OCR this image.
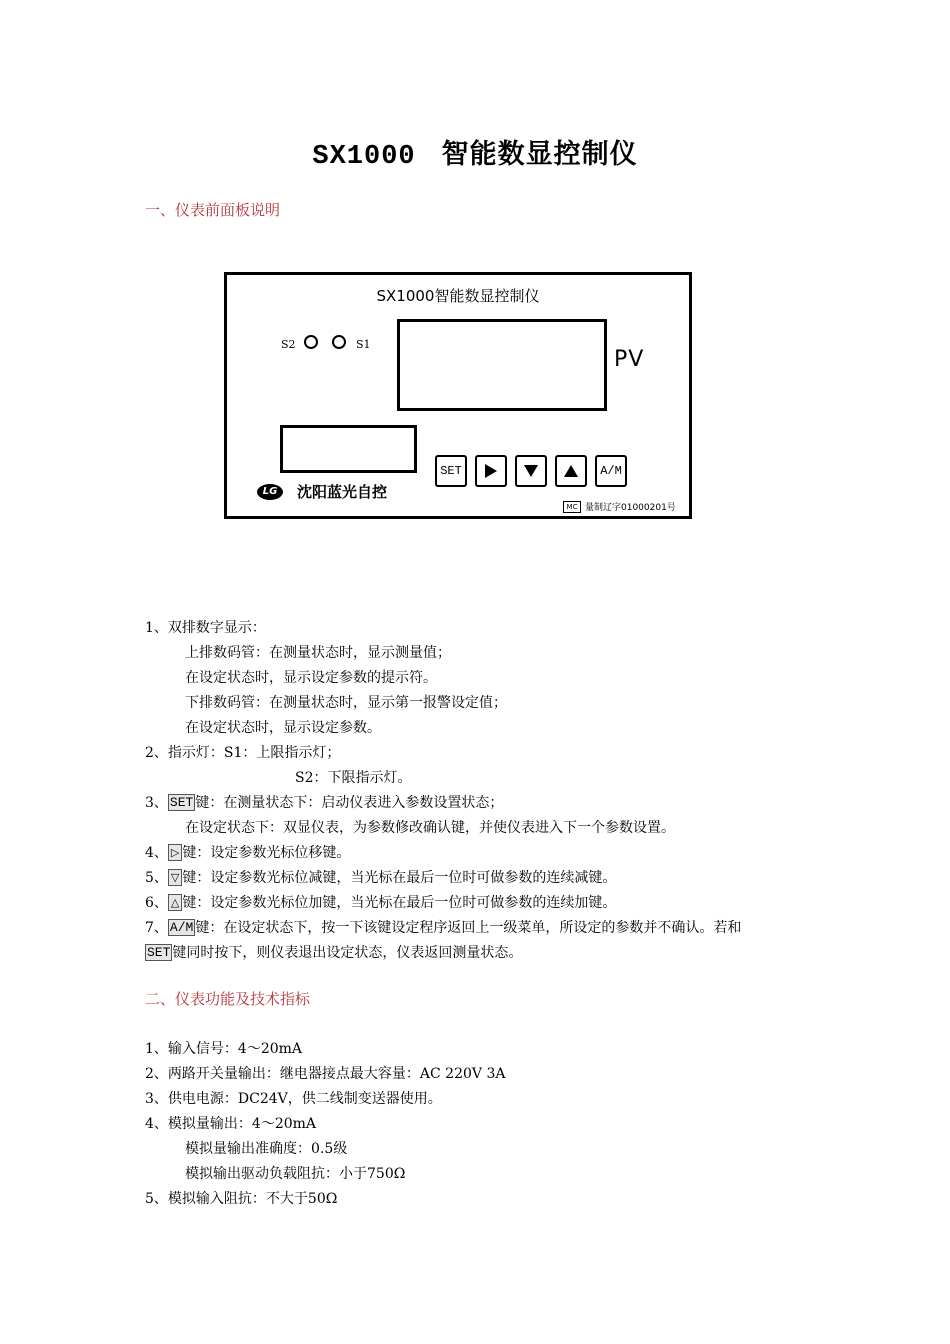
SX1000 智能数显控制仪
一、仪表前面板说明
SX1000智能数显控制仪
S2	S1
PV
SET	A/M
LG	沈阳蓝光自控
MC 量制辽字01000201号
1、双排数字显示：
上排数码管：在测量状态时，显示测量值；
在设定状态时，显示设定参数的提示符。
下排数码管：在测量状态时，显示第一报警设定值；
在设定状态时，显示设定参数。
2、指示灯：S1：上限指示灯；
S2：下限指示灯。
3、 SET 键：在测量状态下：启动仪表进入参数设置状态；
在设定状态下：双显仪表，为参数修改确认键，并使仪表进入下一个参数设置。
4、 ▷ 键：设定参数光标位移键。
5、 ▽ 键：设定参数光标位减键，当光标在最后一位时可做参数的连续减键。
6、 △ 键：设定参数光标位加键，当光标在最后一位时可做参数的连续加键。
7、 A/M 键：在设定状态下，按一下该键设定程序返回上一级菜单，所设定的参数并不确认。若和
SET 键同时按下，则仪表退出设定状态，仪表返回测量状态。
二、仪表功能及技术指标
1、输入信号：4～20mA
2、两路开关量输出：继电器接点最大容量：AC 220V 3A
3、供电电源：DC24V，供二线制变送器使用。
4、模拟量输出：4～20mA
模拟量输出准确度：0.5级
模拟输出驱动负载阻抗：小于750Ω
5、模拟输入阻抗：不大于50Ω
